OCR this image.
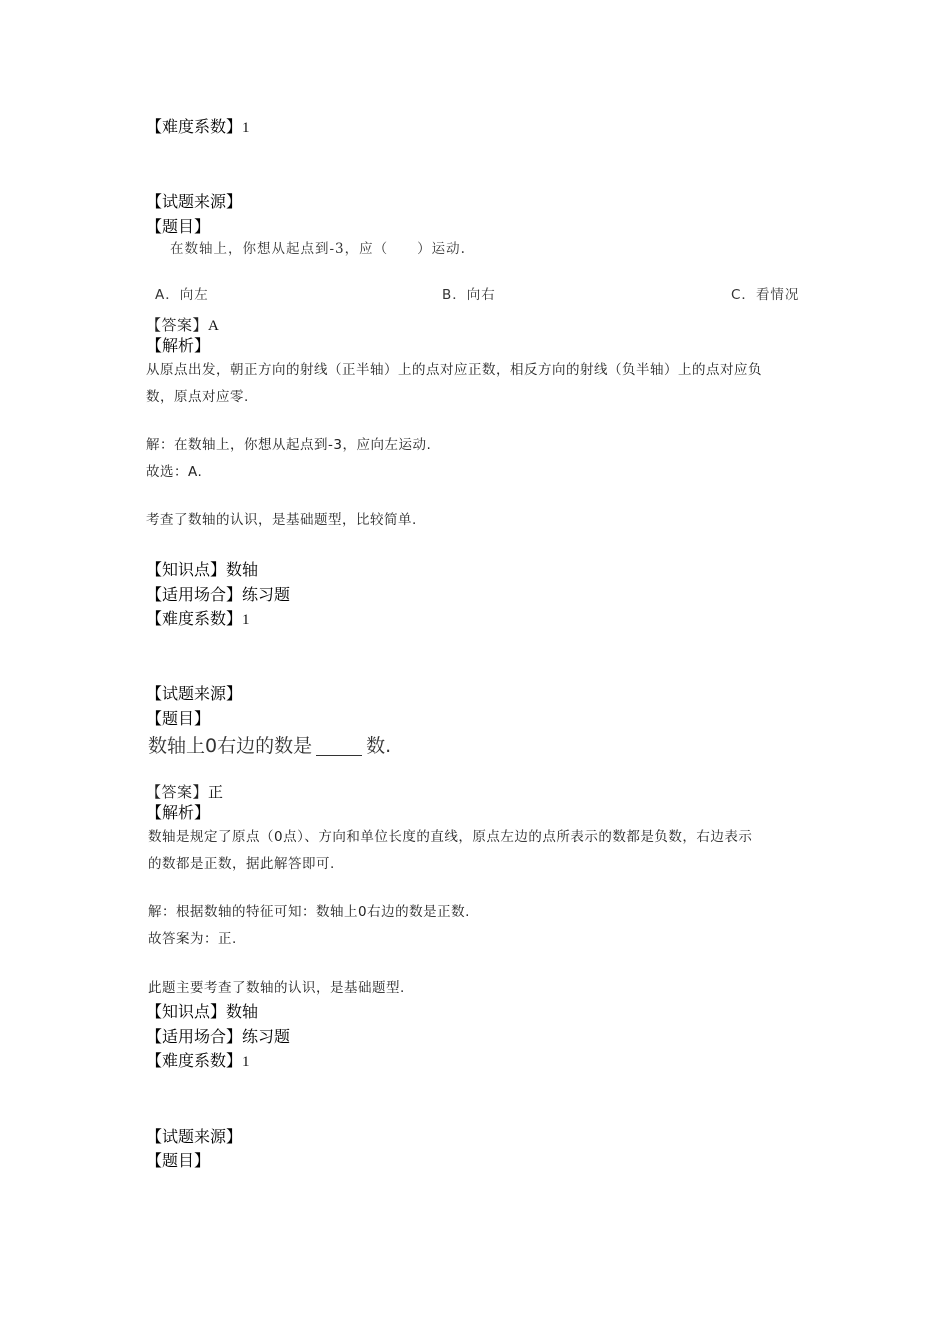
【难度系数】1
【试题来源】
【题目】
在数轴上，你想从起点到-3，应（　　）运动.
A．向左	B．向右	C．看情况
【答案】A
【解析】
从原点出发，朝正方向的射线（正半轴）上的点对应正数，相反方向的射线（负半轴）上的点对应负
数，原点对应零.
解：在数轴上，你想从起点到-3，应向左运动.
故选：A.
考查了数轴的认识，是基础题型，比较简单.
【知识点】数轴
【适用场合】练习题
【难度系数】1
【试题来源】
【题目】
数轴上0右边的数是	数.
【答案】正
【解析】
数轴是规定了原点（0点）、方向和单位长度的直线，原点左边的点所表示的数都是负数，右边表示
的数都是正数，据此解答即可.
解：根据数轴的特征可知：数轴上0右边的数是正数.
故答案为：正.
此题主要考查了数轴的认识，是基础题型.
【知识点】数轴
【适用场合】练习题
【难度系数】1
【试题来源】
【题目】
